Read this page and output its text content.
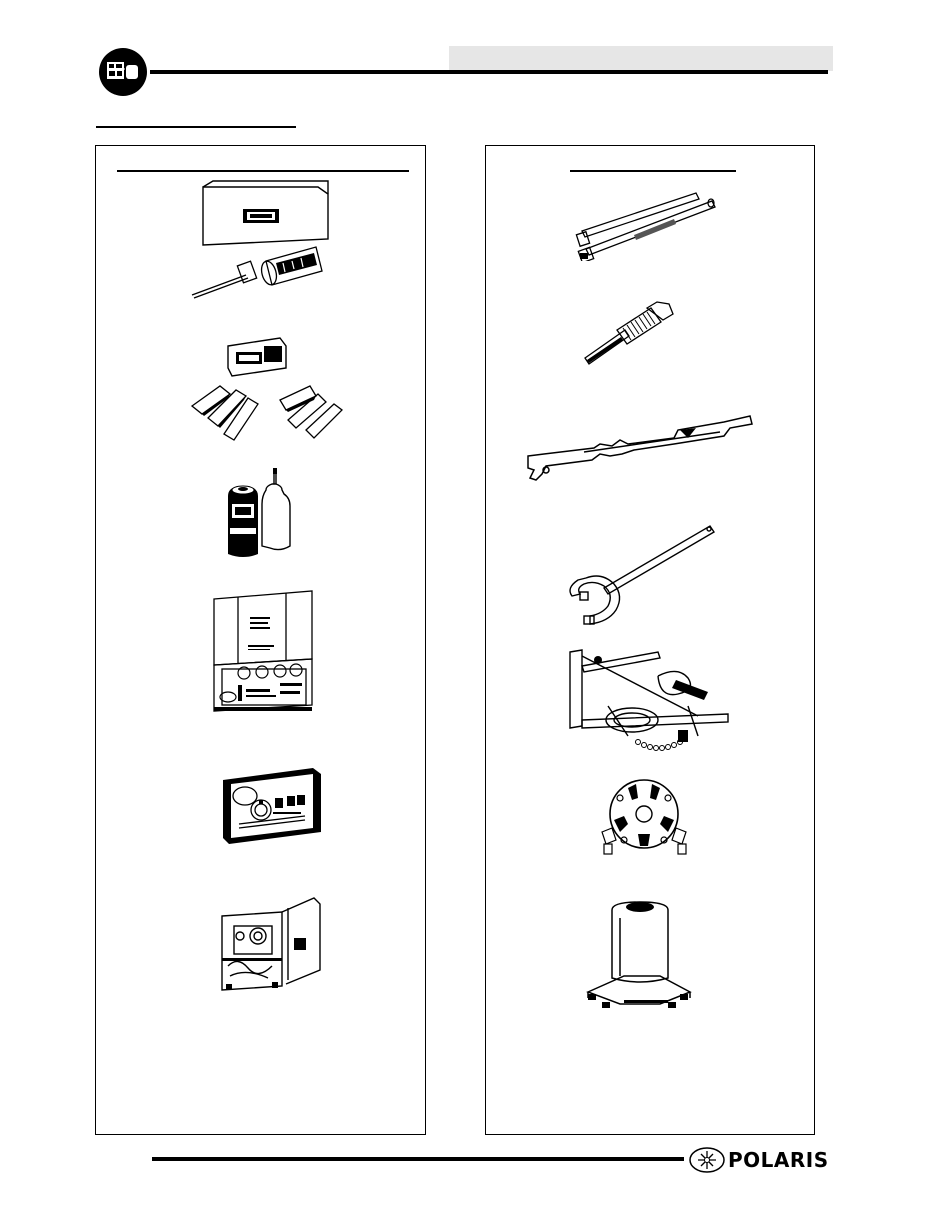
POLARIS
